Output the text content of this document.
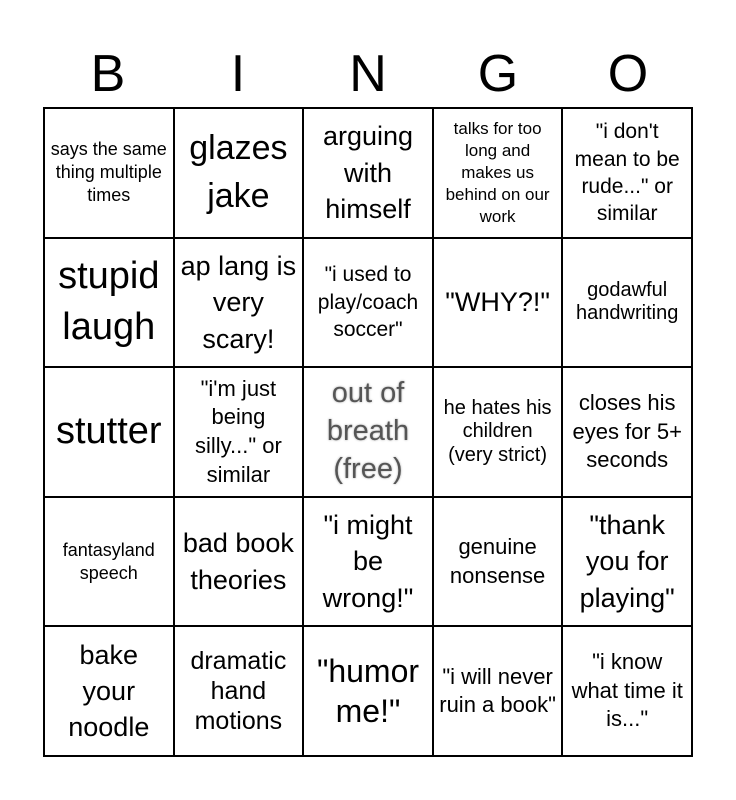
B	I	N	G	O
says the same thing multiple times
glazes jake
arguing with himself
talks for too long and makes us behind on our work
"i don't mean to be rude..." or similar
stupid laugh
ap lang is very scary!
"i used to play/coach soccer"
"WHY?!"	godawful handwriting
stutter
"i'm just being silly..." or similar
out of breath (free)
he hates his children (very strict)
closes his eyes for 5+ seconds
fantasyland speech
bad book theories
"i might be wrong!"
genuine nonsense
"thank you for playing"
bake your noodle
dramatic hand motions
"humor me!"
"i will never ruin a book"
"i know what time it is..."
